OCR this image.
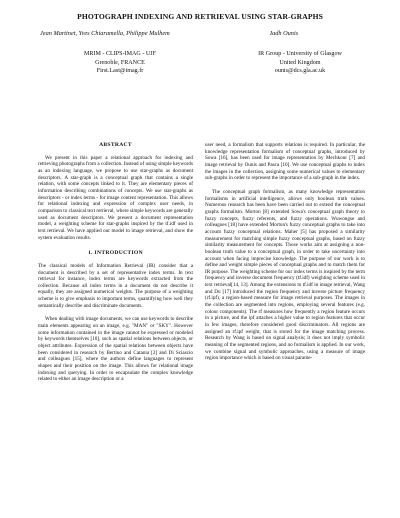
PHOTOGRAPH INDEXING AND RETRIEVAL USING STAR-GRAPHS
Jean Martinet, Yves Chiaramella, Philippe Mulhem	Iadh Ounis
MRIM - CLIPS-IMAG - UJF
Grenoble, FRANCE
First.Last@imag.fr
IR Group - University of Glasgow
United Kingdom
ounis@dcs.gla.ac.uk
ABSTRACT

We present in this paper a relational approach for indexing and retrieving photographs from a collection. Instead of using simple keywords as an indexing language, we propose to use star-graphs as document descriptors. A star-graph is a conceptual graph that contains a single relation, with some concepts linked to it. They are elementary pieces of information describing combinations of concepts. We use star-graphs as descriptors - or index terms - for image content representation. This allows for relational indexing and expression of complex user needs, in comparison to classical text retrieval, where simple keywords are generally used as document descriptors. We present a document representation model, a weighting scheme for star-graphs inspired by the tf.idf used in text retrieval. We have applied our model to image retrieval, and show the system evaluation results.

1. INTRODUCTION

The classical models of Information Retrieval (IR) consider that a document is described by a set of representative index terms. In text retrieval for instance, index terms are keywords extracted from the collection. Because all index terms in a document do not describe it equally, they are assigned numerical weights. The purpose of a weighting scheme is to give emphasis to important terms, quantifying how well they semantically describe and discriminate documents.

When dealing with image documents, we can use keywords to describe main elements appearing on an image, e.g. "MAN" or "SKY". However some information contained in the image cannot be expressed or modeled by keywords themselves [10], such as spatial relations between objects, or object attributes. Expression of the spatial relations between objects have been considered in research by Bertino and Catania [2] and Di Sciascio and colleagues [15], where the authors define languages to represent shapes and their position on the image. This allows for relational image indexing and querying. In order to encapsulate the complex knowledge related to either an image description or a

user need, a formalism that supports relations is required. In particular, the knowledge representation formalism of conceptual graphs, introduced by Sowa [16], has been used for image representation by Mechkour [7] and image retrieval by Ounis and Pasca [10]. We use conceptual graphs to index the images in the collection, assigning some numerical values to elementary sub-graphs in order to represent the importance of a sub-graph in the index.

The conceptual graph formalism, as many knowledge representation formalisms in artificial intelligence, allows only boolean truth values. Numerous research has been have been carried out to extend the conceptual graphs formalism. Morton [8] extended Sowa's conceptual graph theory to fuzzy concepts, fuzzy referents, and fuzzy operations. Wuwongse and colleagues [18] have extended Morton's fuzzy conceptual graphs to take into account fuzzy conceptual relations. Maher [5] has proposed a similarity measurement for matching simple fuzzy conceptual graphs, based on fuzzy similarity measurement for concepts. Those works aim at assigning a non-boolean truth value to a conceptual graph, in order to take uncertainty into account when facing imprecise knowledge. The purpose of our work is to define and weight simple pieces of conceptual graphs and to match them for IR purpose. The weighting scheme for our index terms is inspired by the term frequency and inverse document frequency (tf.idf) weighting scheme used in text retrieval[14, 13]. Among the extensions to tf.idf in image retrieval, Wang and Du [17] introduced the region frequency and inverse picture frequency (rf.ipf), a region-based measure for image retrieval purposes. The images in the collection are segmented into regions, employing several features (e.g. colour components). The rf measures how frequently a region feature occurs in a picture, and the ipf attaches a higher value to region features that occur in few images, therefore considered good discriminators. All regions are assigned an rf.ipf weight, that is stored for the image matching process. Research by Wang is based on signal analysis; it does not imply symbolic meaning of the segmented regions, and no formalism is applied. In our work, we combine signal and symbolic approaches, using a measure of image region importance which is based on visual parame-
